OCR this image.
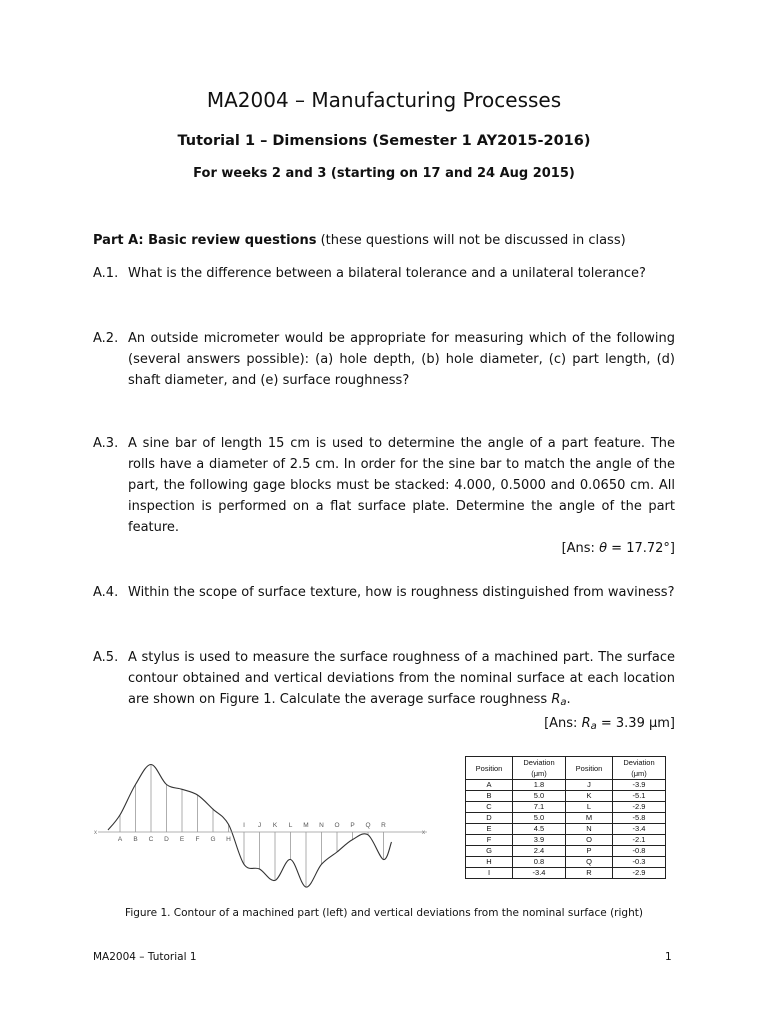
MA2004 – Manufacturing Processes
Tutorial 1 – Dimensions (Semester 1 AY2015-2016)
For weeks 2 and 3 (starting on 17 and 24 Aug 2015)
Part A: Basic review questions (these questions will not be discussed in class)
A.1. What is the difference between a bilateral tolerance and a unilateral tolerance?
A.2. An outside micrometer would be appropriate for measuring which of the following (several answers possible): (a) hole depth, (b) hole diameter, (c) part length, (d) shaft diameter, and (e) surface roughness?
A.3. A sine bar of length 15 cm is used to determine the angle of a part feature. The rolls have a diameter of 2.5 cm. In order for the sine bar to match the angle of the part, the following gage blocks must be stacked: 4.000, 0.5000 and 0.0650 cm. All inspection is performed on a flat surface plate. Determine the angle of the part feature.
[Ans: θ = 17.72°]
A.4. Within the scope of surface texture, how is roughness distinguished from waviness?
A.5. A stylus is used to measure the surface roughness of a machined part. The surface contour obtained and vertical deviations from the nominal surface at each location are shown on Figure 1. Calculate the average surface roughness $R_a$.
[Ans: $R_a = 3.39$ μm]
x	x
A B C D E F G H
I J K L M N O P Q R
Position	Deviation (μm)	Position	Deviation (μm)
A	1.8	J	-3.9
B	5.0	K	-5.1
C	7.1	L	-2.9
D	5.0	M	-5.8
E	4.5	N	-3.4
F	3.9	O	-2.1
G	2.4	P	-0.8
H	0.8	Q	-0.3
I	-3.4	R	-2.9
Figure 1. Contour of a machined part (left) and vertical deviations from the nominal surface (right)
MA2004 – Tutorial 1	1
